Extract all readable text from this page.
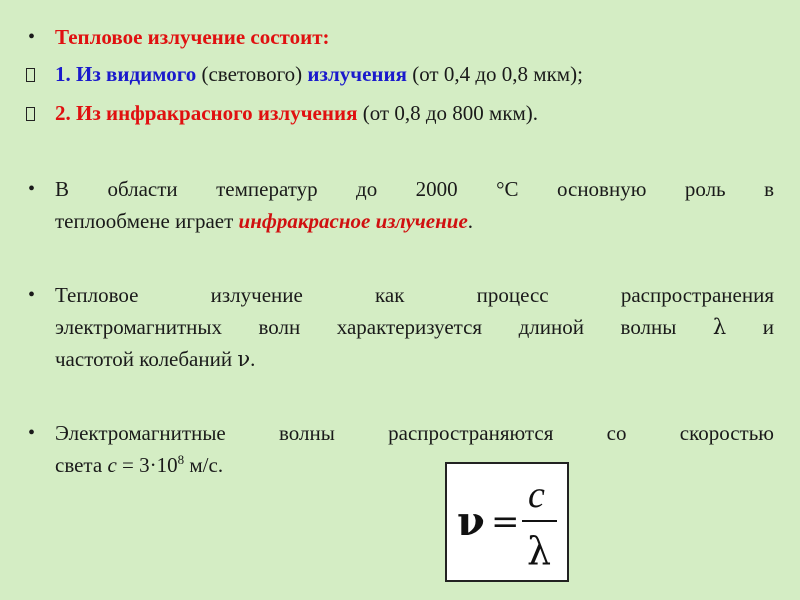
• Тепловое излучение состоит:
1. Из видимого (светового) излучения (от 0,4 до 0,8 мкм);
2. Из инфракрасного излучения (от 0,8 до 800 мкм).
• В области температур до 2000 °С основную роль в
теплообмене играет инфракрасное излучение.
• Тепловое излучение как процесс распространения
электромагнитных волн характеризуется длиной волны λ и
частотой колебаний ν.
• Электромагнитные волны распространяются со скоростью
света $с = 3\cdot 10^8$ м/с.
ν =
c
λ
